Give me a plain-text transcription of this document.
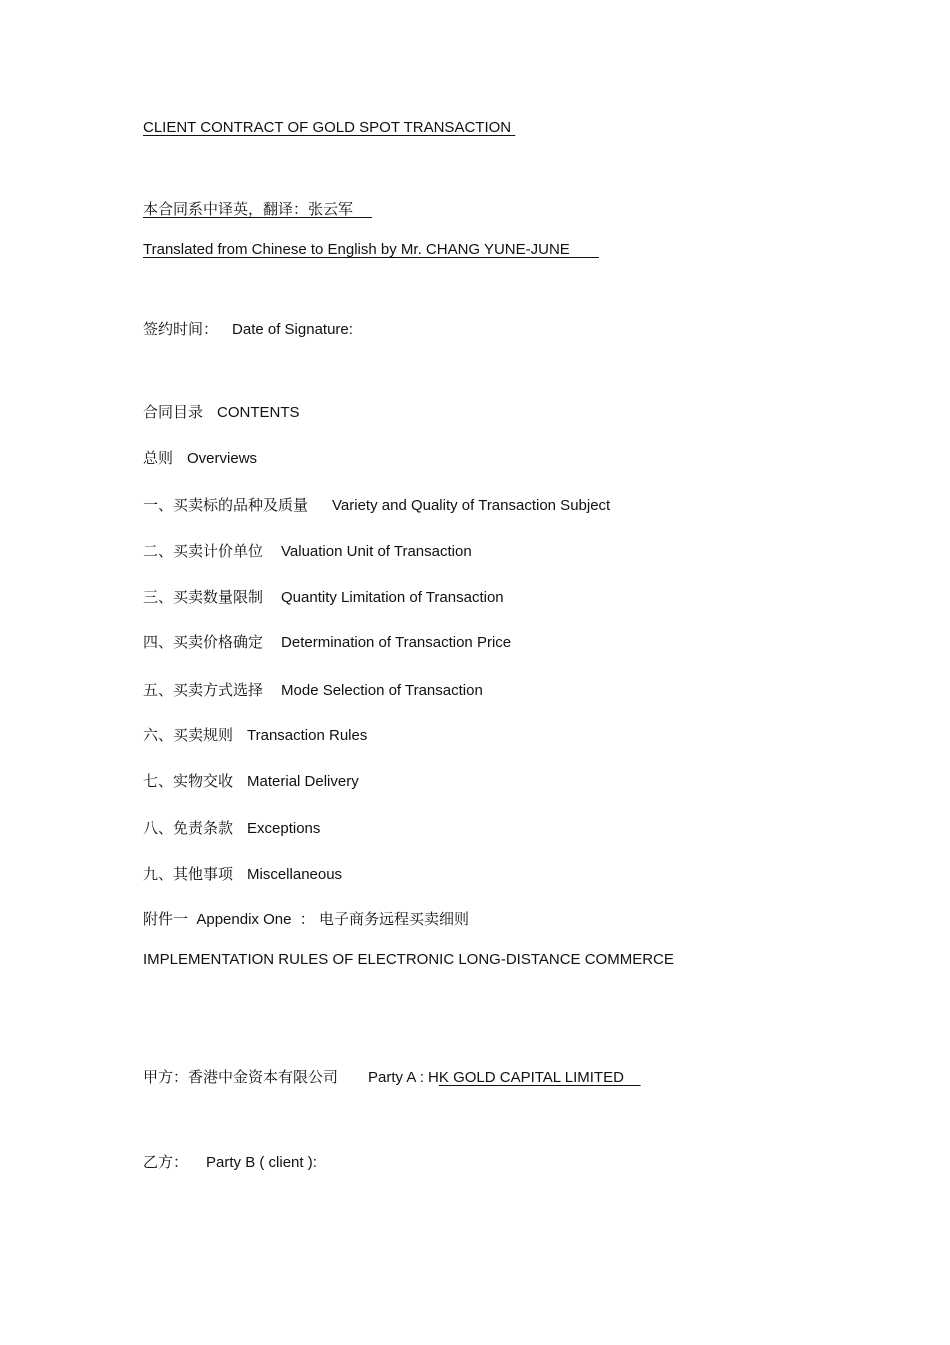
CLIENT CONTRACT OF GOLD SPOT TRANSACTION
本合同系中译英，翻译：张云军
Translated from Chinese to English by Mr. CHANG YUNE-JUNE
签约时间： Date of Signature:
合同目录 CONTENTS
总则 Overviews
一、买卖标的品种及质量 Variety and Quality of Transaction Subject
二、买卖计价单位 Valuation Unit of Transaction
三、买卖数量限制 Quantity Limitation of Transaction
四、买卖价格确定 Determination of Transaction Price
五、买卖方式选择 Mode Selection of Transaction
六、买卖规则 Transaction Rules
七、实物交收 Material Delivery
八、免责条款 Exceptions
九、其他事项 Miscellaneous
附件一 Appendix One ： 电子商务远程买卖细则
IMPLEMENTATION RULES OF ELECTRONIC LONG-DISTANCE COMMERCE
甲方：香港中金资本有限公司 Party A : HK GOLD CAPITAL LIMITED
乙方： Party B ( client ):
